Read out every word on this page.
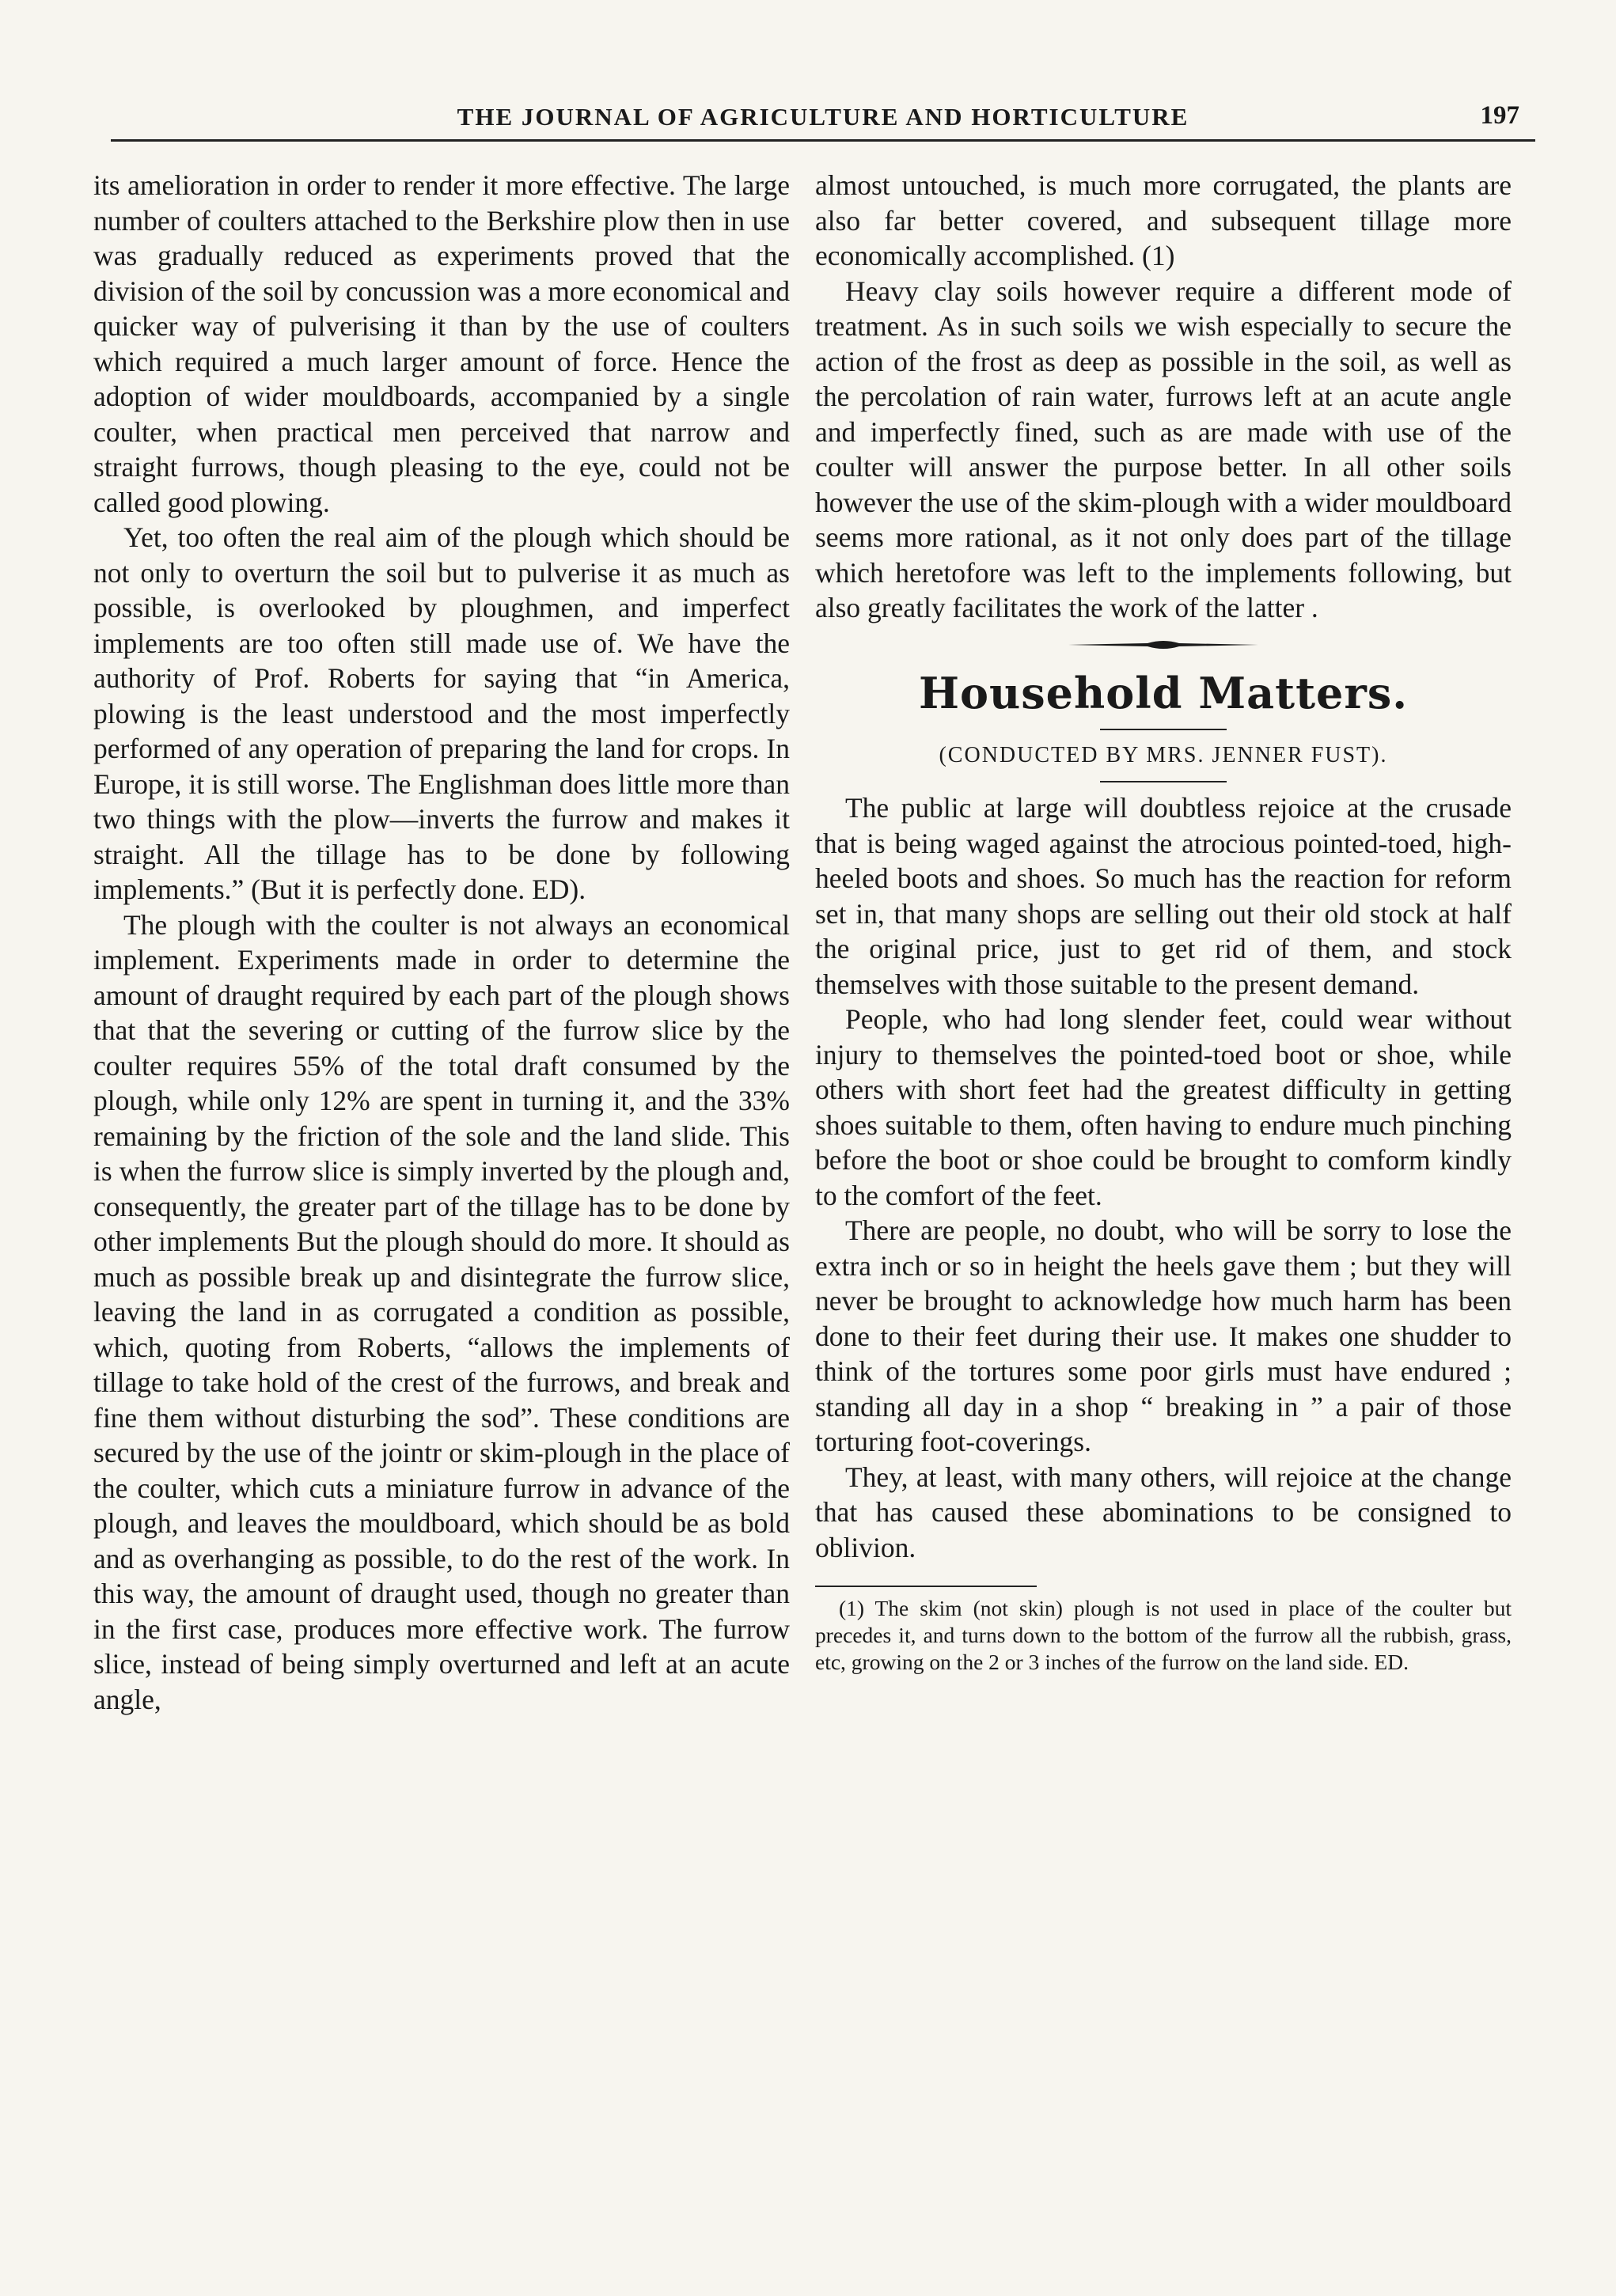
THE JOURNAL OF AGRICULTURE AND HORTICULTURE	197

its amelioration in order to render it more effective. The large number of coulters attached to the Berkshire plow then in use was gradually reduced as experiments proved that the division of the soil by concussion was a more economical and quicker way of pulverising it than by the use of coulters which required a much larger amount of force. Hence the adoption of wider mouldboards, accompanied by a single coulter, when practical men perceived that narrow and straight furrows, though pleasing to the eye, could not be called good plowing.

Yet, too often the real aim of the plough which should be not only to overturn the soil but to pulverise it as much as possible, is overlooked by ploughmen, and imperfect implements are too often still made use of. We have the authority of Prof. Roberts for saying that “in America, plowing is the least understood and the most imperfectly performed of any operation of preparing the land for crops. In Europe, it is still worse. The Englishman does little more than two things with the plow—inverts the furrow and makes it straight. All the tillage has to be done by following implements.” (But it is perfectly done. ED).

The plough with the coulter is not always an economical implement. Experiments made in order to determine the amount of draught required by each part of the plough shows that that the severing or cutting of the furrow slice by the coulter requires 55% of the total draft consumed by the plough, while only 12% are spent in turning it, and the 33% remaining by the friction of the sole and the land slide. This is when the furrow slice is simply inverted by the plough and, consequently, the greater part of the tillage has to be done by other implements But the plough should do more. It should as much as possible break up and disintegrate the furrow slice, leaving the land in as corrugated a condition as possible, which, quoting from Roberts, “allows the implements of tillage to take hold of the crest of the furrows, and break and fine them without disturbing the sod”. These conditions are secured by the use of the jointr or skim-plough in the place of the coulter, which cuts a miniature furrow in advance of the plough, and leaves the mouldboard, which should be as bold and as overhanging as possible, to do the rest of the work. In this way, the amount of draught used, though no greater than in the first case, produces more effective work. The furrow slice, instead of being simply overturned and left at an acute angle,

almost untouched, is much more corrugated, the plants are also far better covered, and subsequent tillage more economically accomplished. (1)

Heavy clay soils however require a different mode of treatment. As in such soils we wish especially to secure the action of the frost as deep as possible in the soil, as well as the percolation of rain water, furrows left at an acute angle and imperfectly fined, such as are made with use of the coulter will answer the purpose better. In all other soils however the use of the skim-plough with a wider mouldboard seems more rational, as it not only does part of the tillage which heretofore was left to the implements following, but also greatly facilitates the work of the latter .

Household Matters.
(CONDUCTED BY MRS. JENNER FUST).

The public at large will doubtless rejoice at the crusade that is being waged against the atrocious pointed-toed, high-heeled boots and shoes. So much has the reaction for reform set in, that many shops are selling out their old stock at half the original price, just to get rid of them, and stock themselves with those suitable to the present demand.

People, who had long slender feet, could wear without injury to themselves the pointed-toed boot or shoe, while others with short feet had the greatest difficulty in getting shoes suitable to them, often having to endure much pinching before the boot or shoe could be brought to comform kindly to the comfort of the feet.

There are people, no doubt, who will be sorry to lose the extra inch or so in height the heels gave them ; but they will never be brought to acknowledge how much harm has been done to their feet during their use. It makes one shudder to think of the tortures some poor girls must have endured ; standing all day in a shop “ breaking in ” a pair of those torturing foot-coverings.

They, at least, with many others, will rejoice at the change that has caused these abominations to be consigned to oblivion.

(1) The skim (not skin) plough is not used in place of the coulter but precedes it, and turns down to the bottom of the furrow all the rubbish, grass, etc, growing on the 2 or 3 inches of the furrow on the land side. ED.
